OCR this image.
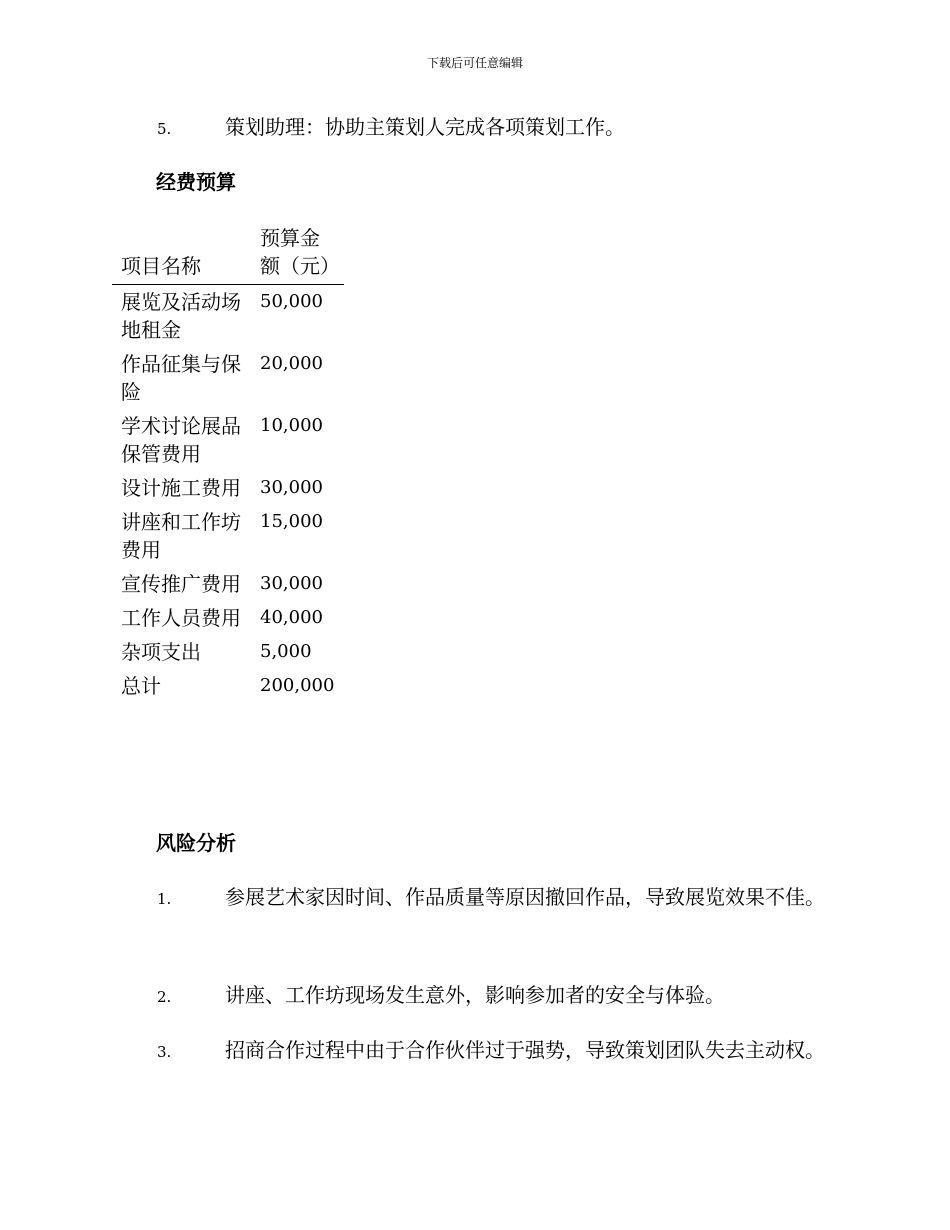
下载后可任意编辑
5.	策划助理：协助主策划人完成各项策划工作。
经费预算
项目名称	预算金额（元）
展览及活动场地租金	50,000
作品征集与保险	20,000
学术讨论展品保管费用	10,000
设计施工费用	30,000
讲座和工作坊费用	15,000
宣传推广费用	30,000
工作人员费用	40,000
杂项支出	5,000
总计	200,000
风险分析
1.	参展艺术家因时间、作品质量等原因撤回作品，导致展览效果不佳。
2.	讲座、工作坊现场发生意外，影响参加者的安全与体验。
3.	招商合作过程中由于合作伙伴过于强势，导致策划团队失去主动权。
